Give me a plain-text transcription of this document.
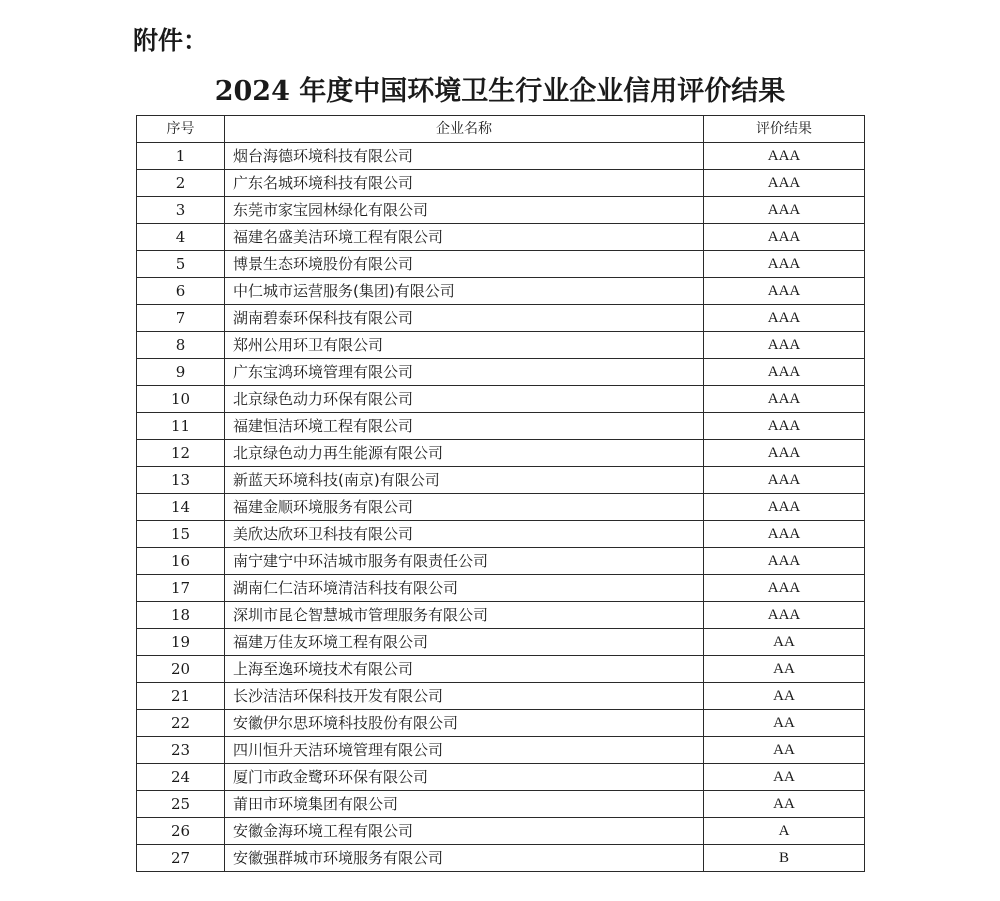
附件：
2024 年度中国环境卫生行业企业信用评价结果
序号	企业名称	评价结果
1	烟台海德环境科技有限公司	AAA
2	广东名城环境科技有限公司	AAA
3	东莞市家宝园林绿化有限公司	AAA
4	福建名盛美洁环境工程有限公司	AAA
5	博景生态环境股份有限公司	AAA
6	中仁城市运营服务(集团)有限公司	AAA
7	湖南碧泰环保科技有限公司	AAA
8	郑州公用环卫有限公司	AAA
9	广东宝鸿环境管理有限公司	AAA
10	北京绿色动力环保有限公司	AAA
11	福建恒洁环境工程有限公司	AAA
12	北京绿色动力再生能源有限公司	AAA
13	新蓝天环境科技(南京)有限公司	AAA
14	福建金顺环境服务有限公司	AAA
15	美欣达欣环卫科技有限公司	AAA
16	南宁建宁中环洁城市服务有限责任公司	AAA
17	湖南仁仁洁环境清洁科技有限公司	AAA
18	深圳市昆仑智慧城市管理服务有限公司	AAA
19	福建万佳友环境工程有限公司	AA
20	上海至逸环境技术有限公司	AA
21	长沙洁洁环保科技开发有限公司	AA
22	安徽伊尔思环境科技股份有限公司	AA
23	四川恒升天洁环境管理有限公司	AA
24	厦门市政金鹭环环保有限公司	AA
25	莆田市环境集团有限公司	AA
26	安徽金海环境工程有限公司	A
27	安徽强群城市环境服务有限公司	B
